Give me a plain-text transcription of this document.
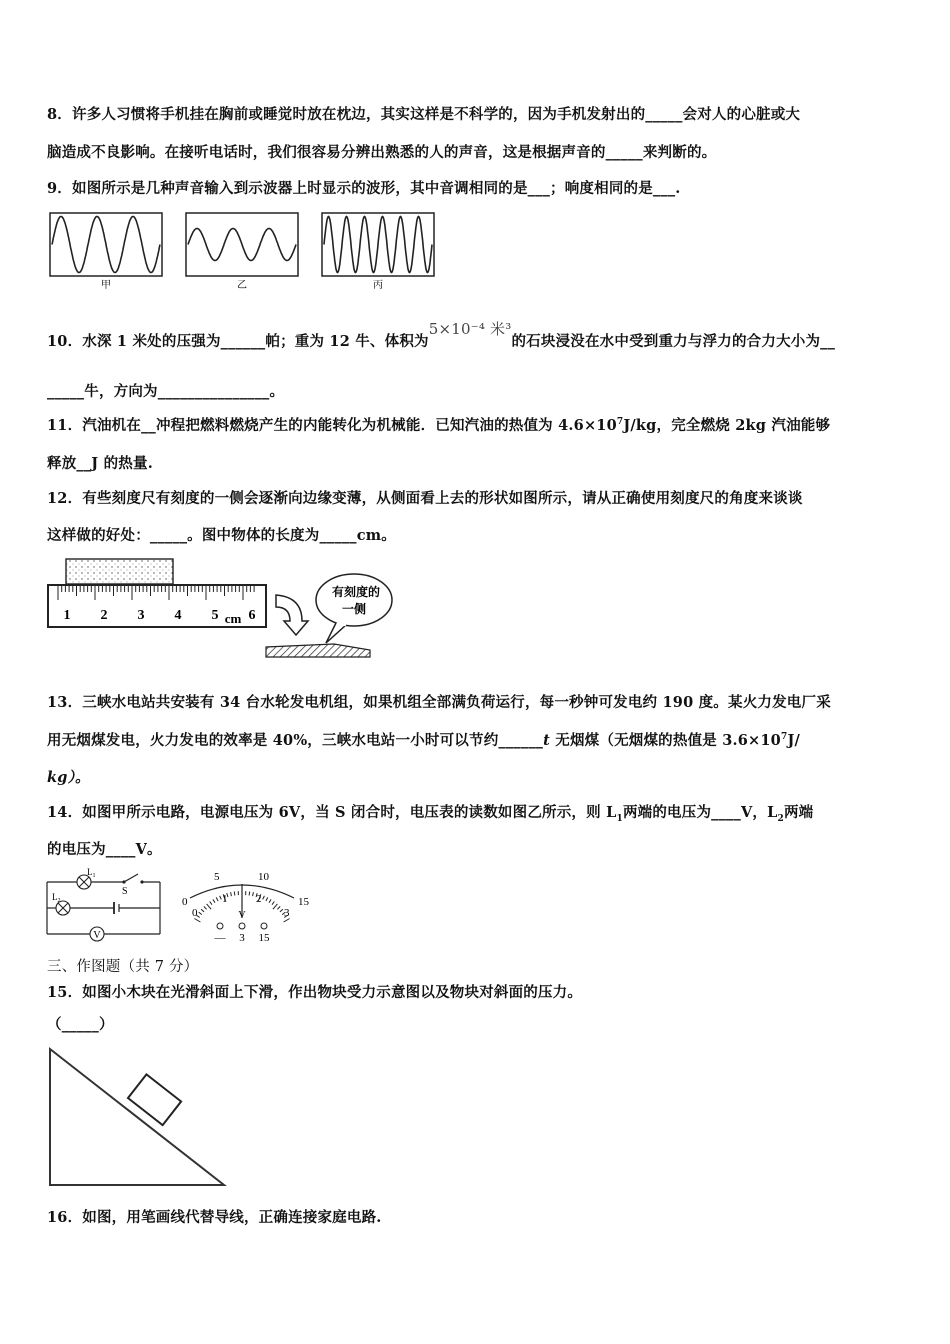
8．许多人习惯将手机挂在胸前或睡觉时放在枕边，其实这样是不科学的，因为手机发射出的_____会对人的心脏或大
脑造成不良影响。在接听电话时，我们很容易分辨出熟悉的人的声音，这是根据声音的_____来判断的。
9．如图所示是几种声音输入到示波器上时显示的波形，其中音调相同的是___；响度相同的是___.
甲	乙	丙
10．水深 1 米处的压强为______帕；重为 12 牛、体积为5×10⁻⁴ 米³的石块浸没在水中受到重力与浮力的合力大小为__
_____牛，方向为_______________。
11．汽油机在__冲程把燃料燃烧产生的内能转化为机械能．已知汽油的热值为 $4.6\times 10^7J/kg$，完全燃烧 2kg 汽油能够
释放__J 的热量.
12．有些刻度尺有刻度的一侧会逐渐向边缘变薄，从侧面看上去的形状如图所示，请从正确使用刻度尺的角度来谈谈
这样做的好处：_____。图中物体的长度为_____cm。
1 2 3 4 5 6
cm
有刻度的
一侧
13．三峡水电站共安装有 34 台水轮发电机组，如果机组全部满负荷运行，每一秒钟可发电约 190 度。某火力发电厂采
用无烟煤发电，火力发电的效率是 40%，三峡水电站一小时可以节约______t 无烟煤（无烟煤的热值是 $3.6\times 10^7J/$
kg）。
14．如图甲所示电路，电源电压为 6V，当 S 闭合时，电压表的读数如图乙所示，则 $L_1$两端的电压为____V，$L_2$两端
的电压为____V。
V
$L_1$
$L_2$
S
0
5	10
15
0
1	2
3
V
— 3 15
三、作图题（共 7 分）
15．如图小木块在光滑斜面上下滑，作出物块受力示意图以及物块对斜面的压力。
（_____）
16．如图，用笔画线代替导线，正确连接家庭电路.
